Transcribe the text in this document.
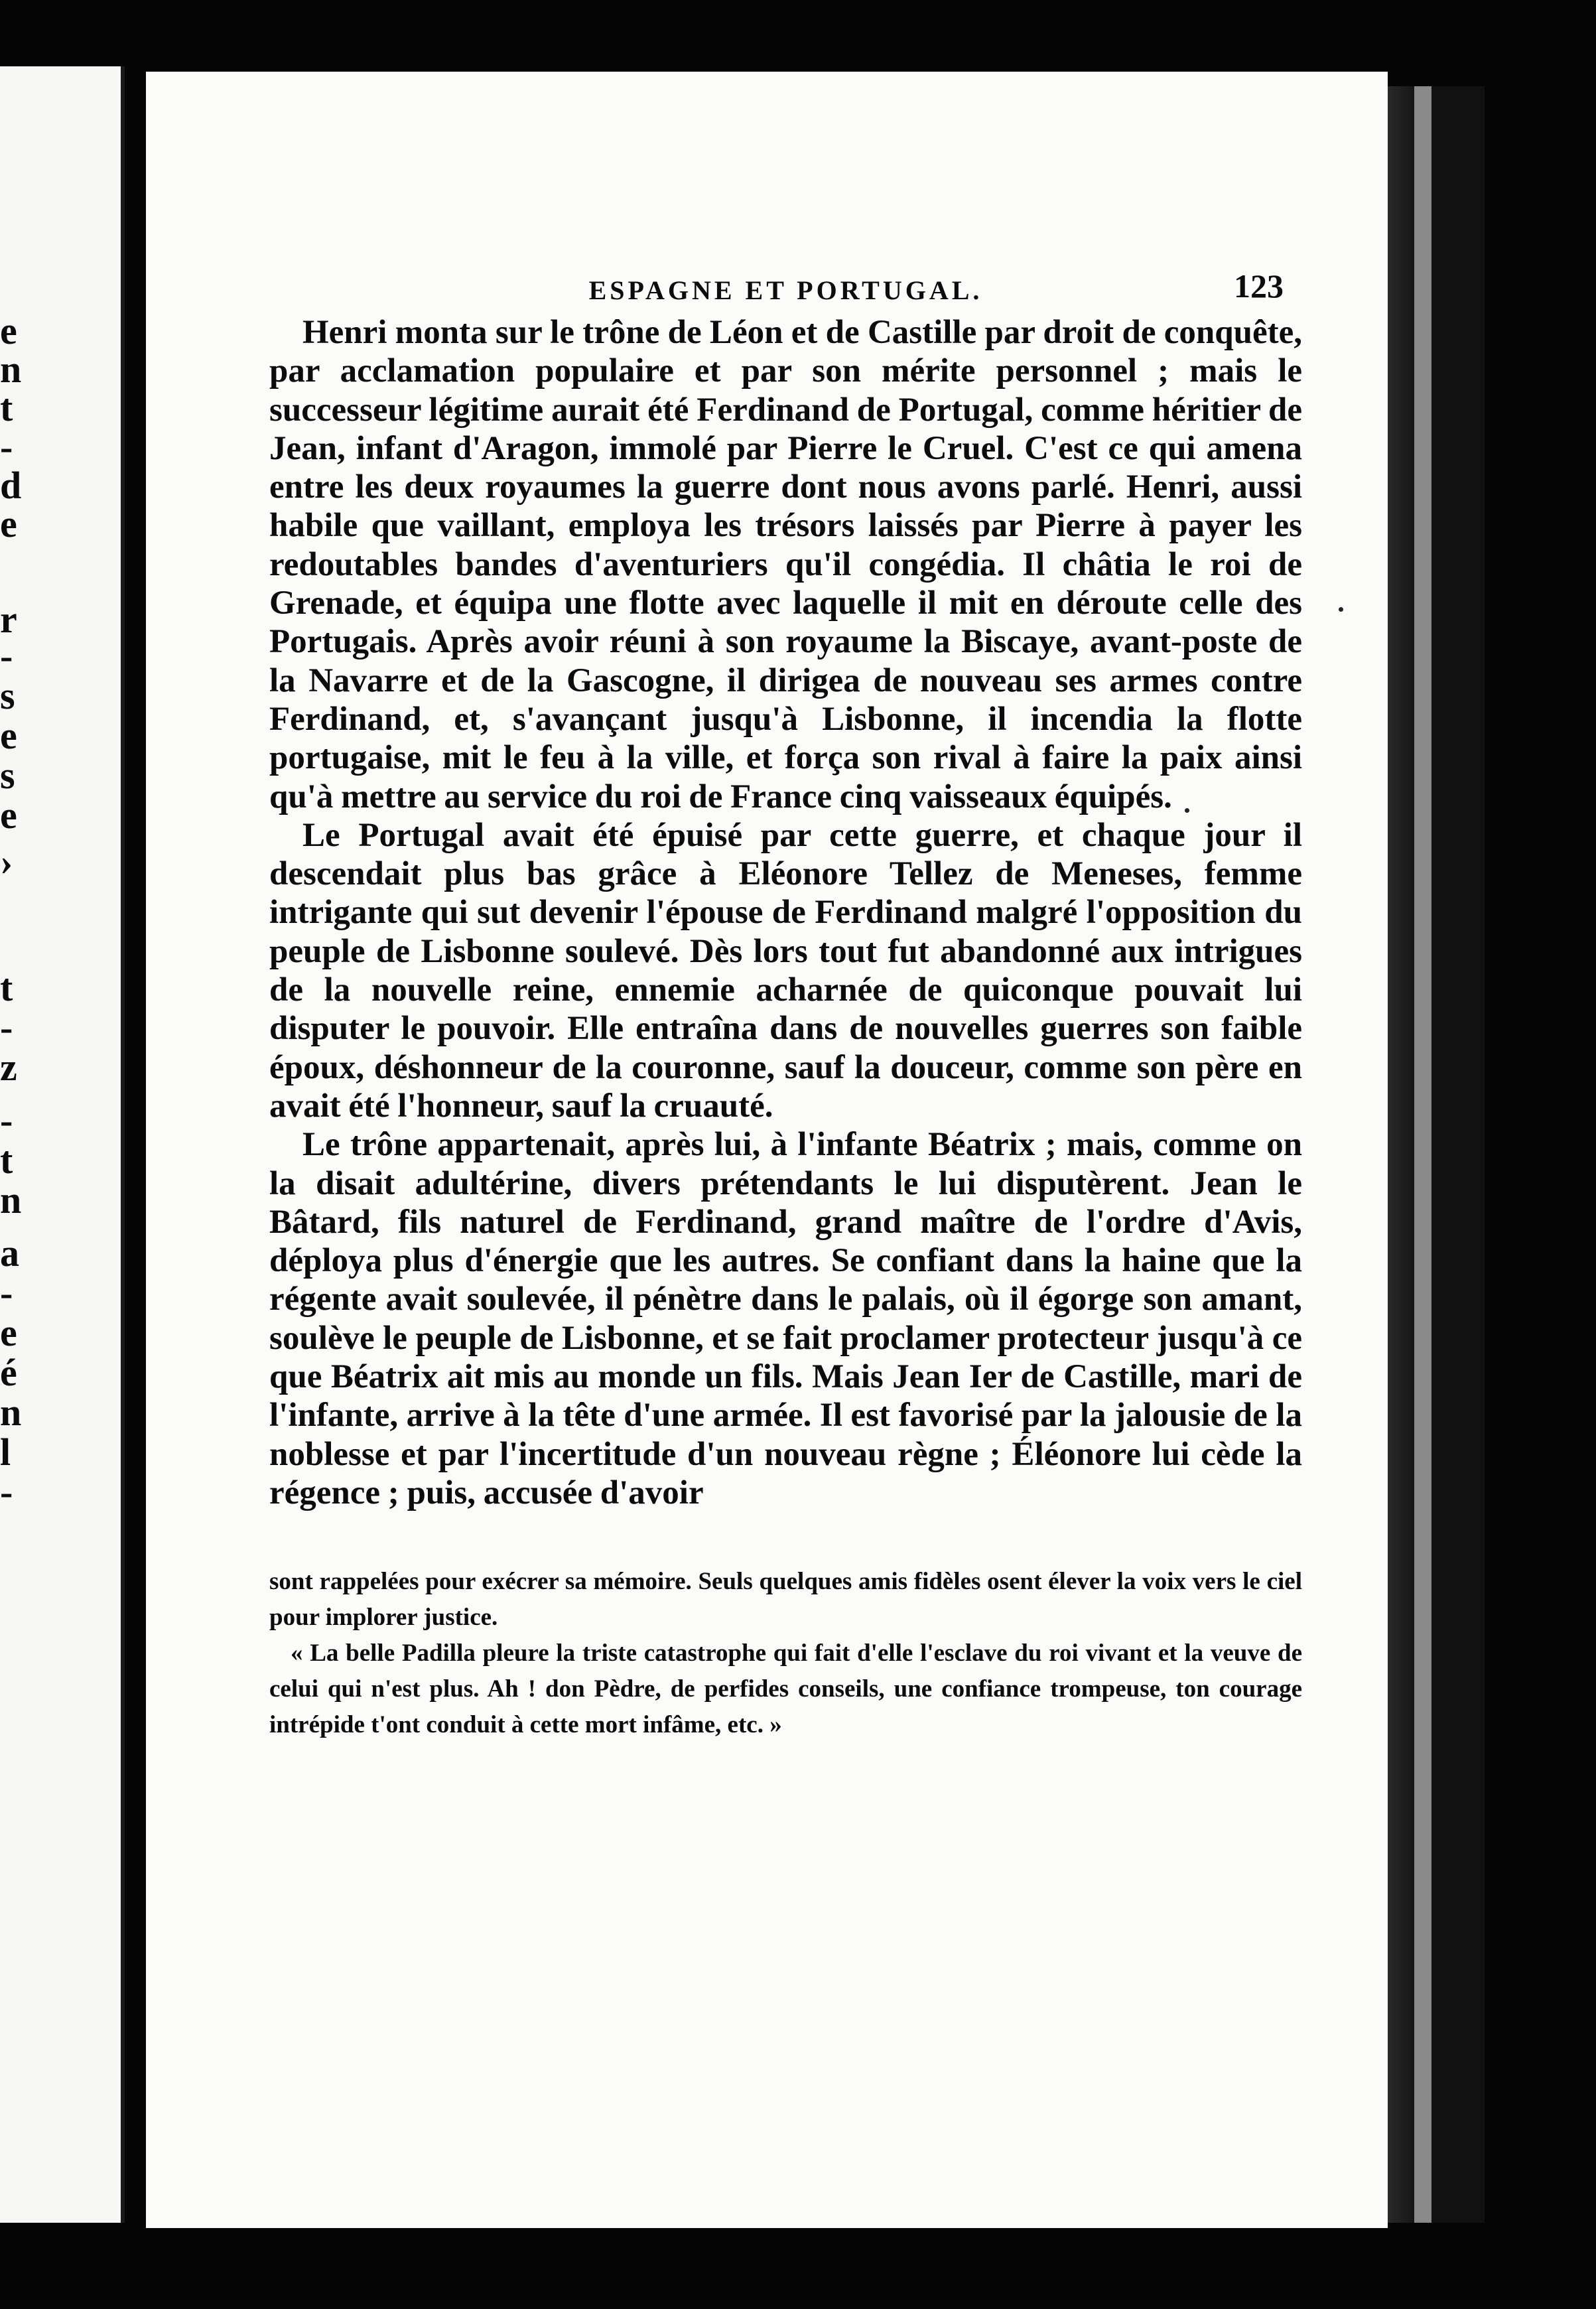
e
n
t
-
d
e
r
-
s
e
s
e
›
t
-
z
-
t
n
a
-
e
é
n
l
-
ESPAGNE ET PORTUGAL.	123

Henri monta sur le trône de Léon et de Castille par droit de conquête, par acclamation populaire et par son mérite personnel ; mais le successeur légitime aurait été Ferdinand de Portugal, comme héritier de Jean, infant d'Aragon, immolé par Pierre le Cruel. C'est ce qui amena entre les deux royaumes la guerre dont nous avons parlé. Henri, aussi habile que vaillant, employa les trésors laissés par Pierre à payer les redoutables bandes d'aventuriers qu'il congédia. Il châtia le roi de Grenade, et équipa une flotte avec laquelle il mit en déroute celle des Portugais. Après avoir réuni à son royaume la Biscaye, avant-poste de la Navarre et de la Gascogne, il dirigea de nouveau ses armes contre Ferdinand, et, s'avançant jusqu'à Lisbonne, il incendia la flotte portugaise, mit le feu à la ville, et força son rival à faire la paix ainsi qu'à mettre au service du roi de France cinq vaisseaux équipés.

Le Portugal avait été épuisé par cette guerre, et chaque jour il descendait plus bas grâce à Eléonore Tellez de Meneses, femme intrigante qui sut devenir l'épouse de Ferdinand malgré l'opposition du peuple de Lisbonne soulevé. Dès lors tout fut abandonné aux intrigues de la nouvelle reine, ennemie acharnée de quiconque pouvait lui disputer le pouvoir. Elle entraîna dans de nouvelles guerres son faible époux, déshonneur de la couronne, sauf la douceur, comme son père en avait été l'honneur, sauf la cruauté.

Le trône appartenait, après lui, à l'infante Béatrix ; mais, comme on la disait adultérine, divers prétendants le lui disputèrent. Jean le Bâtard, fils naturel de Ferdinand, grand maître de l'ordre d'Avis, déploya plus d'énergie que les autres. Se confiant dans la haine que la régente avait soulevée, il pénètre dans le palais, où il égorge son amant, soulève le peuple de Lisbonne, et se fait proclamer protecteur jusqu'à ce que Béatrix ait mis au monde un fils. Mais Jean Ier de Castille, mari de l'infante, arrive à la tête d'une armée. Il est favorisé par la jalousie de la noblesse et par l'incertitude d'un nouveau règne ; Éléonore lui cède la régence ; puis, accusée d'avoir

sont rappelées pour exécrer sa mémoire. Seuls quelques amis fidèles osent élever la voix vers le ciel pour implorer justice.

« La belle Padilla pleure la triste catastrophe qui fait d'elle l'esclave du roi vivant et la veuve de celui qui n'est plus. Ah ! don Pèdre, de perfides conseils, une confiance trompeuse, ton courage intrépide t'ont conduit à cette mort infâme, etc. »
